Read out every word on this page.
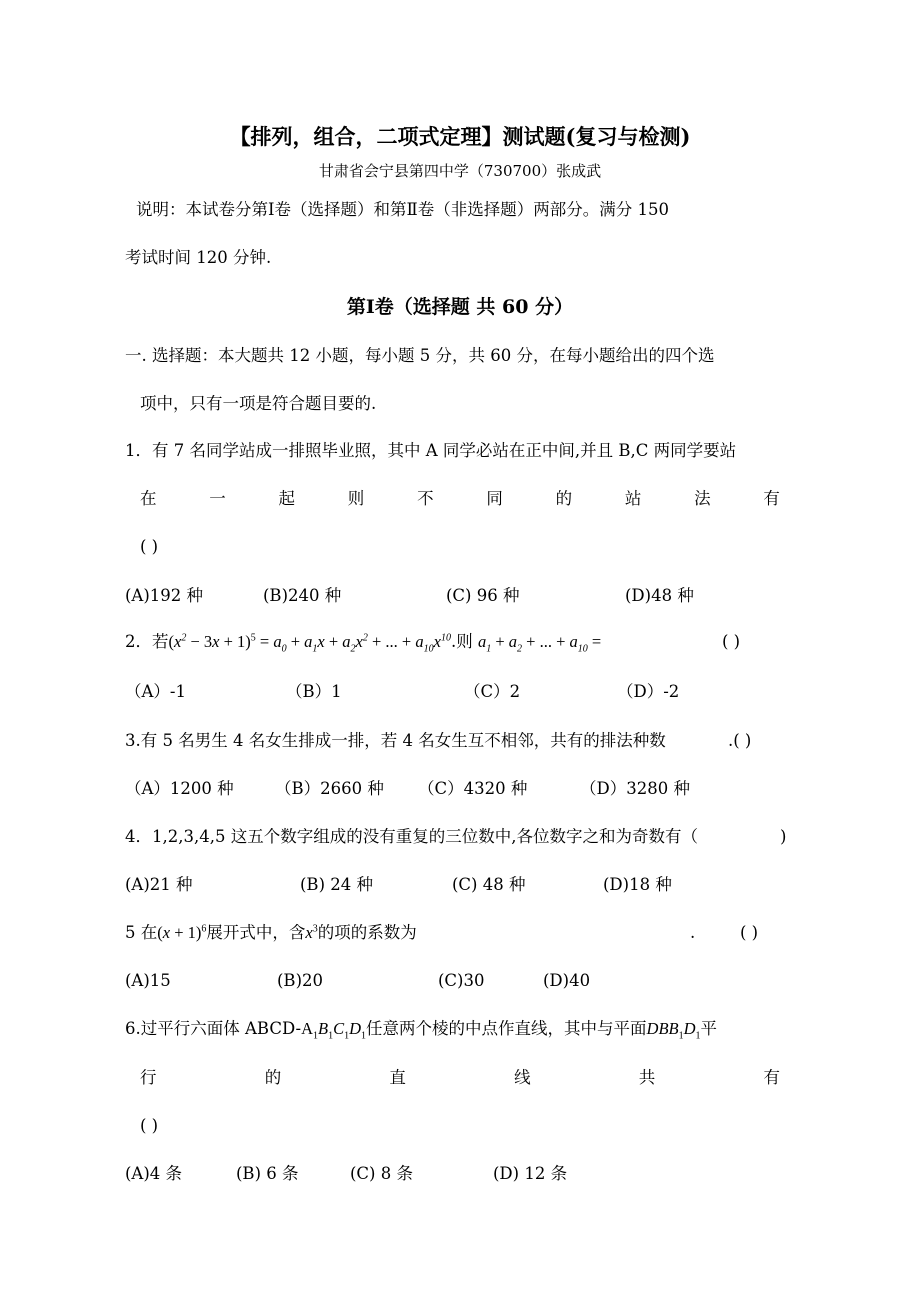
【排列，组合，二项式定理】测试题(复习与检测)
甘肃省会宁县第四中学（730700）张成武
说明：本试卷分第Ⅰ卷（选择题）和第Ⅱ卷（非选择题）两部分。满分 150
考试时间 120 分钟.
第Ⅰ卷（选择题 共 60 分）
一. 选择题：本大题共 12 小题，每小题 5 分，共 60 分，在每小题给出的四个选
项中，只有一项是符合题目要的.
1．有 7 名同学站成一排照毕业照，其中 A 同学必站在正中间,并且 B,C 两同学要站
在	一	起	则	不	同	的	站	法	有
( )
(A)192 种	(B)240 种	(C) 96 种	(D)48 种
2．若$(x^2 - 3x + 1)^5 = a_0 + a_1x + a_2x^2$ + ... + $a_{10}x^{10}$.则 $a_1 + a_2$ + ... + $a_{10}$ =	( )
（A）-1	（B）1	（C）2	（D）-2
3.有 5 名男生 4 名女生排成一排，若 4 名女生互不相邻，共有的排法种数	.( )
（A）1200 种	（B）2660 种 （C）4320 种	（D）3280 种
4．1,2,3,4,5 这五个数字组成的没有重复的三位数中,各位数字之和为奇数有（	)
(A)21 种	(B) 24 种	(C) 48 种	(D)18 种
5 在$(x + 1)^6$展开式中，含$x^3$的项的系数为	.	( )
(A)15	(B)20	(C)30	(D)40
6.过平行六面体 ABCD-$A_1B_1C_1D_1$任意两个棱的中点作直线，其中与平面$DBB_1D_1$平
行	的	直	线	共	有
( )
(A)4 条	(B) 6 条	(C) 8 条	(D) 12 条
